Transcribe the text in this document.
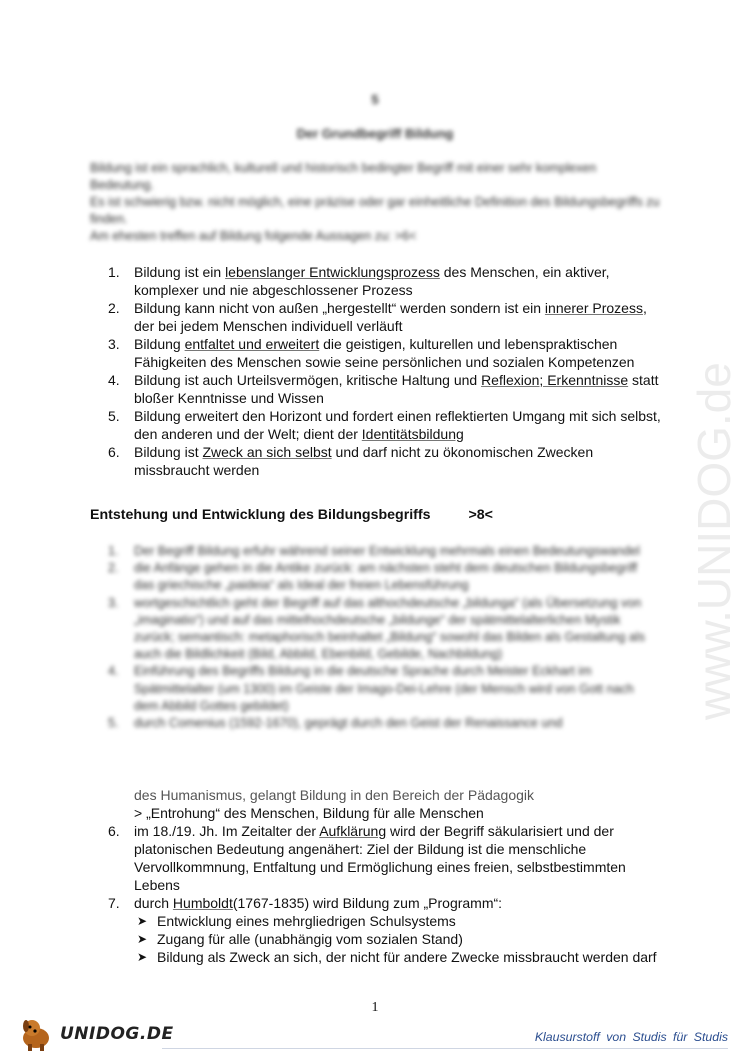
5
Der Grundbegriff Bildung

Bildung ist ein sprachlich, kulturell und historisch bedingter Begriff mit einer sehr komplexen Bedeutung.

Es ist schwierig bzw. nicht möglich, eine präzise oder gar einheitliche Definition des Bildungsbegriffs zu finden.

Am ehesten treffen auf Bildung folgende Aussagen zu: >6<

1. Bildung ist ein lebenslanger Entwicklungsprozess des Menschen, ein aktiver, komplexer und nie abgeschlossener Prozess
2. Bildung kann nicht von außen „hergestellt“ werden sondern ist ein innerer Prozess, der bei jedem Menschen individuell verläuft
3. Bildung entfaltet und erweitert die geistigen, kulturellen und lebenspraktischen Fähigkeiten des Menschen sowie seine persönlichen und sozialen Kompetenzen
4. Bildung ist auch Urteilsvermögen, kritische Haltung und Reflexion; Erkenntnisse statt bloßer Kenntnisse und Wissen
5. Bildung erweitert den Horizont und fordert einen reflektierten Umgang mit sich selbst, den anderen und der Welt; dient der Identitätsbildung
6. Bildung ist Zweck an sich selbst und darf nicht zu ökonomischen Zwecken missbraucht werden
Entstehung und Entwicklung des Bildungsbegriffs	>8<
1. Der Begriff Bildung erfuhr während seiner Entwicklung mehrmals einen Bedeutungswandel
2. die Anfänge gehen in die Antike zurück: am nächsten steht dem deutschen Bildungsbegriff das griechische „paideia“ als Ideal der freien Lebensführung
3. wortgeschichtlich geht der Begriff auf das althochdeutsche „bildunga“ (als Übersetzung von „imaginatio“) und auf das mittelhochdeutsche „bildunge“ der spätmittelalterlichen Mystik zurück; semantisch: metaphorisch beinhaltet „Bildung“ sowohl das Bilden als Gestaltung als auch die Bildlichkeit (Bild, Abbild, Ebenbild, Gebilde, Nachbildung)
4. Einführung des Begriffs Bildung in die deutsche Sprache durch Meister Eckhart im Spätmittelalter (um 1300) im Geiste der Imago-Dei-Lehre (der Mensch wird von Gott nach dem Abbild Gottes gebildet)
5. durch Comenius (1592-1670), geprägt durch den Geist der Renaissance und
des Humanismus, gelangt Bildung in den Bereich der Pädagogik
> „Entrohung“ des Menschen, Bildung für alle Menschen
6. im 18./19. Jh. Im Zeitalter der Aufklärung wird der Begriff säkularisiert und der platonischen Bedeutung angenähert: Ziel der Bildung ist die menschliche Vervollkommnung, Entfaltung und Ermöglichung eines freien, selbstbestimmten Lebens
7. durch Humboldt(1767-1835) wird Bildung zum „Programm“:
➤ Entwicklung eines mehrgliedrigen Schulsystems
➤ Zugang für alle (unabhängig vom sozialen Stand)
➤ Bildung als Zweck an sich, der nicht für andere Zwecke missbraucht werden darf
www.UNIDOG.de
1
UNIDOG.DE	Klausurstoff von Studis für Studis
